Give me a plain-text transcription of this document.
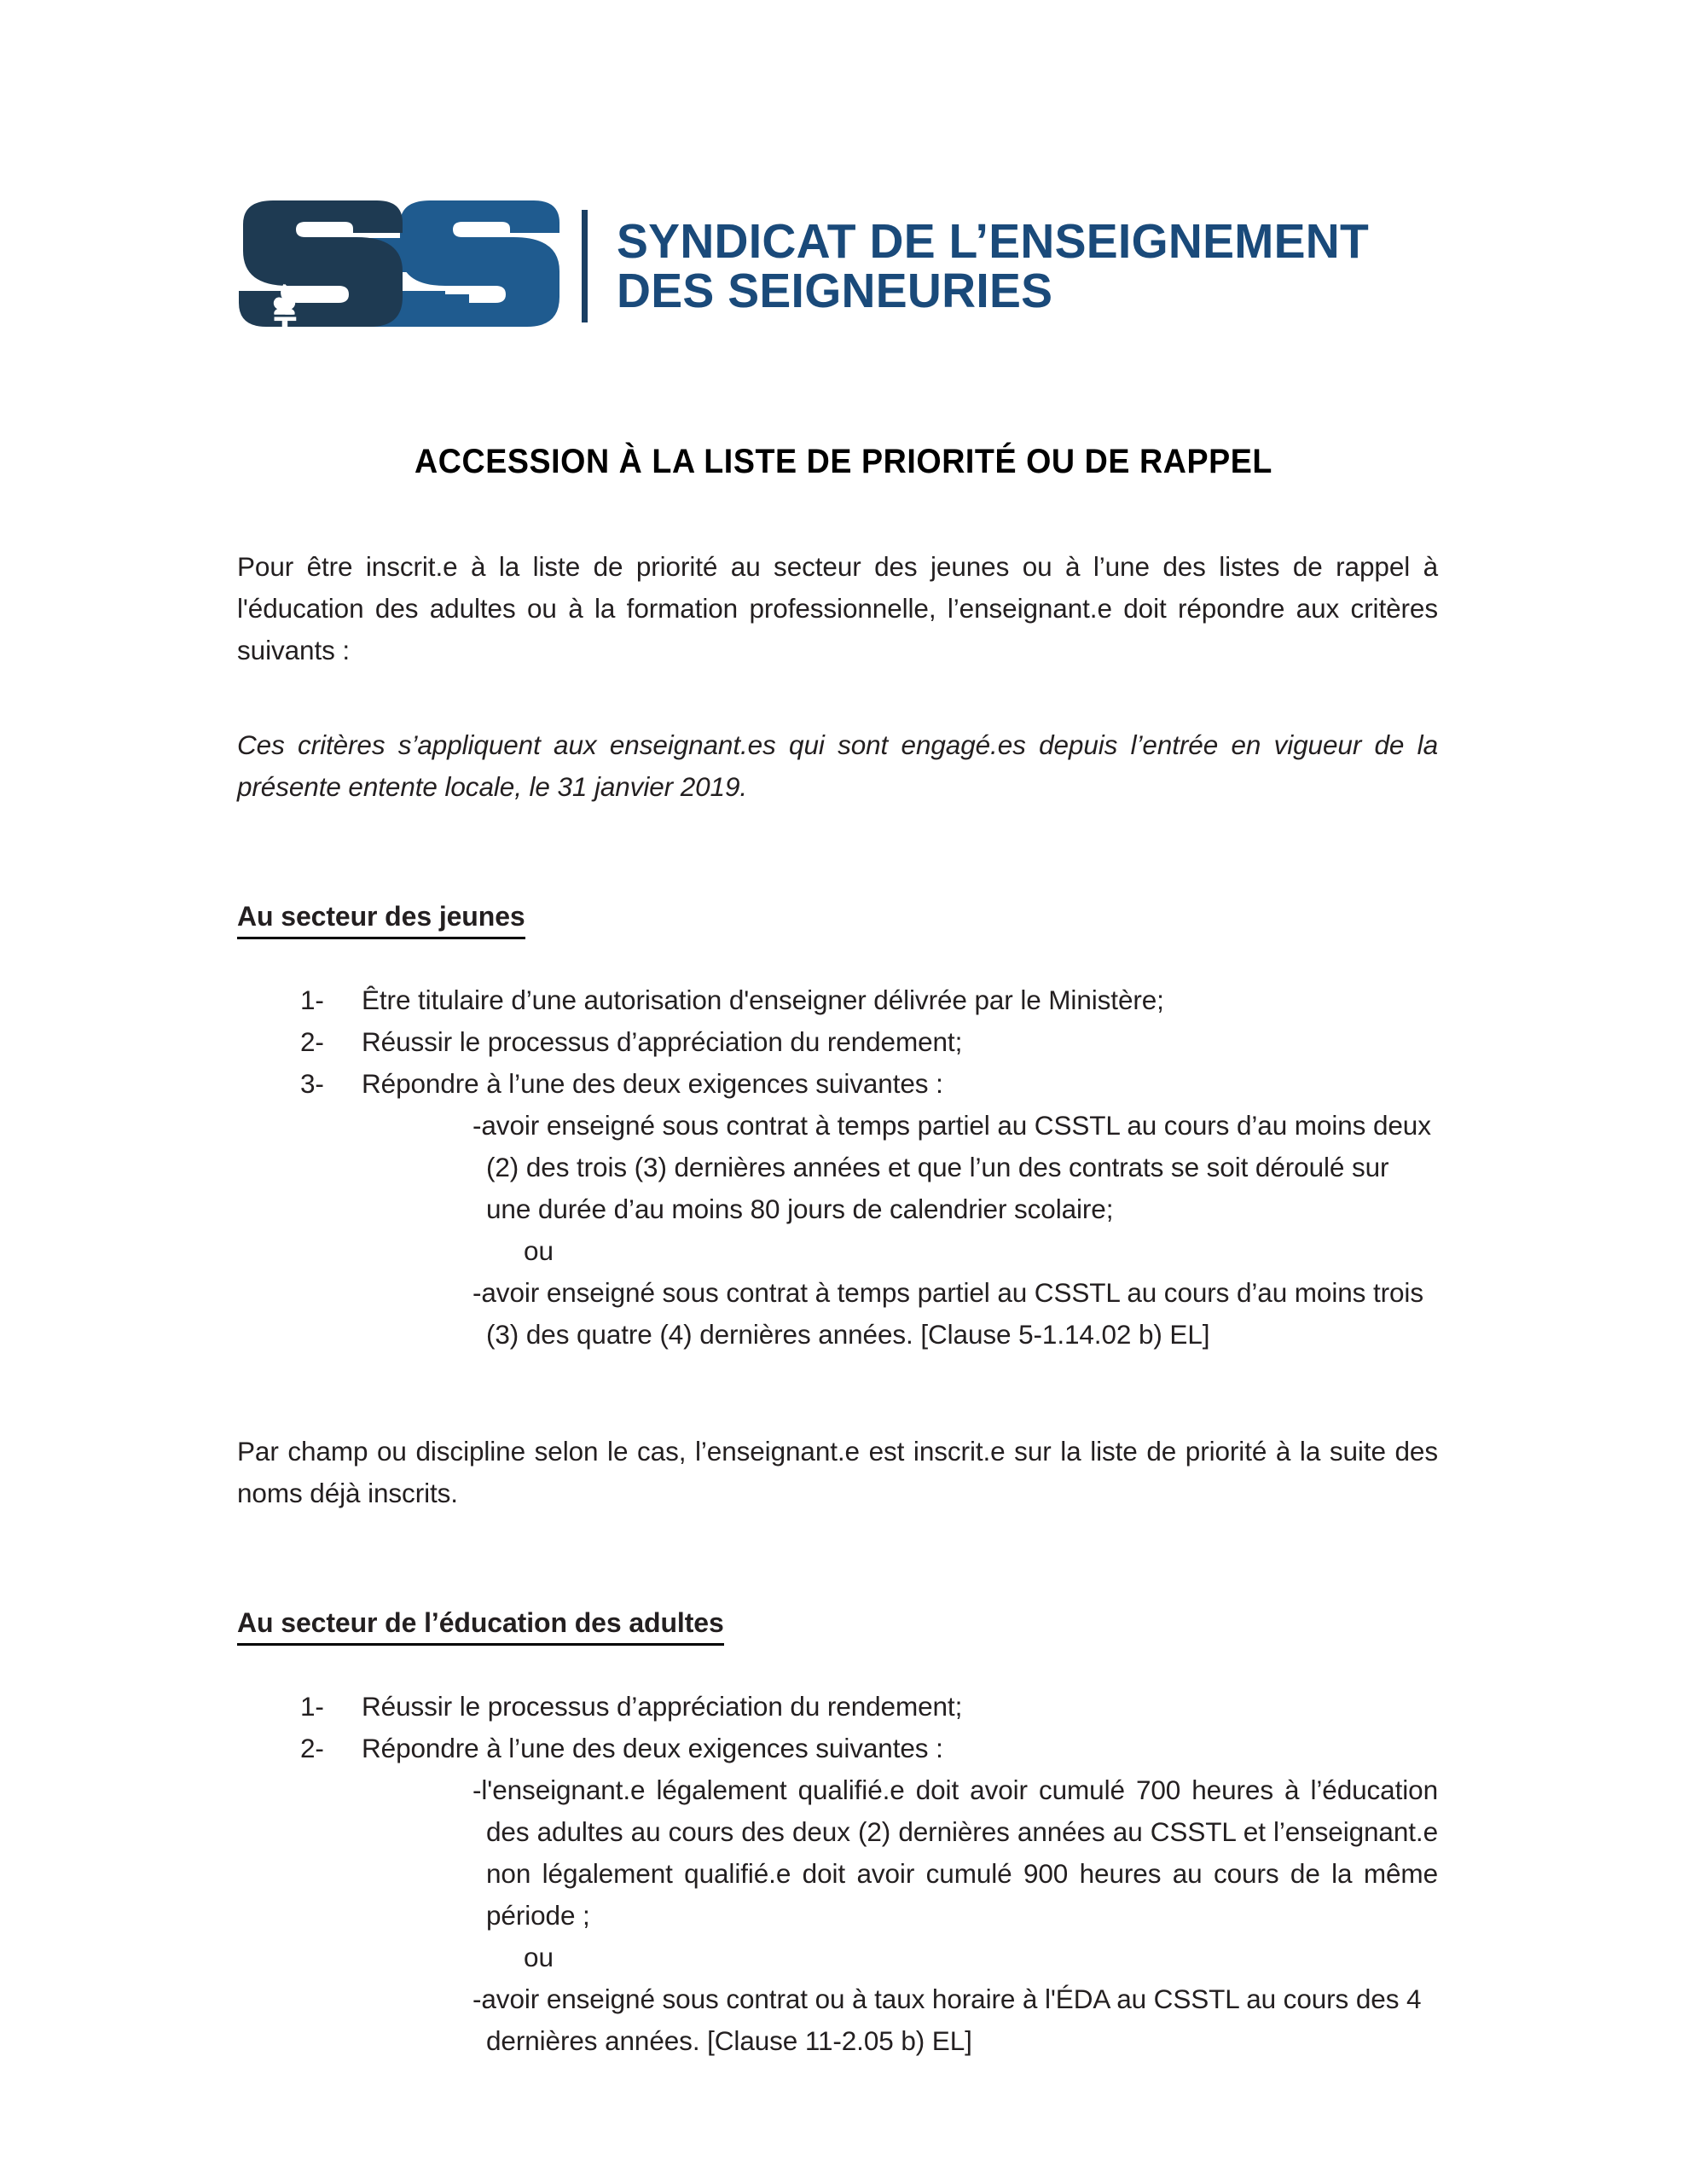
SYNDICAT DE L’ENSEIGNEMENT
DES SEIGNEURIES
ACCESSION À LA LISTE DE PRIORITÉ OU DE RAPPEL

Pour être inscrit.e à la liste de priorité au secteur des jeunes ou à l’une des listes de rappel à l'éducation des adultes ou à la formation professionnelle, l’enseignant.e doit répondre aux critères suivants :

Ces critères s’appliquent aux enseignant.es qui sont engagé.es depuis l’entrée en vigueur de la présente entente locale, le 31 janvier 2019.

Au secteur des jeunes
1-	Être titulaire d’une autorisation d'enseigner délivrée par le Ministère;
2-	Réussir le processus d’appréciation du rendement;
3-	Répondre à l’une des deux exigences suivantes :
-avoir enseigné sous contrat à temps partiel au CSSTL au cours d’au moins deux (2) des trois (3) dernières années et que l’un des contrats se soit déroulé sur une durée d’au moins 80 jours de calendrier scolaire;
ou
-avoir enseigné sous contrat à temps partiel au CSSTL au cours d’au moins trois (3) des quatre (4) dernières années. [Clause 5-1.14.02 b) EL]

Par champ ou discipline selon le cas, l’enseignant.e est inscrit.e sur la liste de priorité à la suite des noms déjà inscrits.

Au secteur de l’éducation des adultes
1-	Réussir le processus d’appréciation du rendement;
2-	Répondre à l’une des deux exigences suivantes :
-l'enseignant.e légalement qualifié.e doit avoir cumulé 700 heures à l’éducation des adultes au cours des deux (2) dernières années au CSSTL et l’enseignant.e non légalement qualifié.e doit avoir cumulé 900 heures au cours de la même période ;
ou
-avoir enseigné sous contrat ou à taux horaire à l'ÉDA au CSSTL au cours des 4 dernières années. [Clause 11-2.05 b) EL]
